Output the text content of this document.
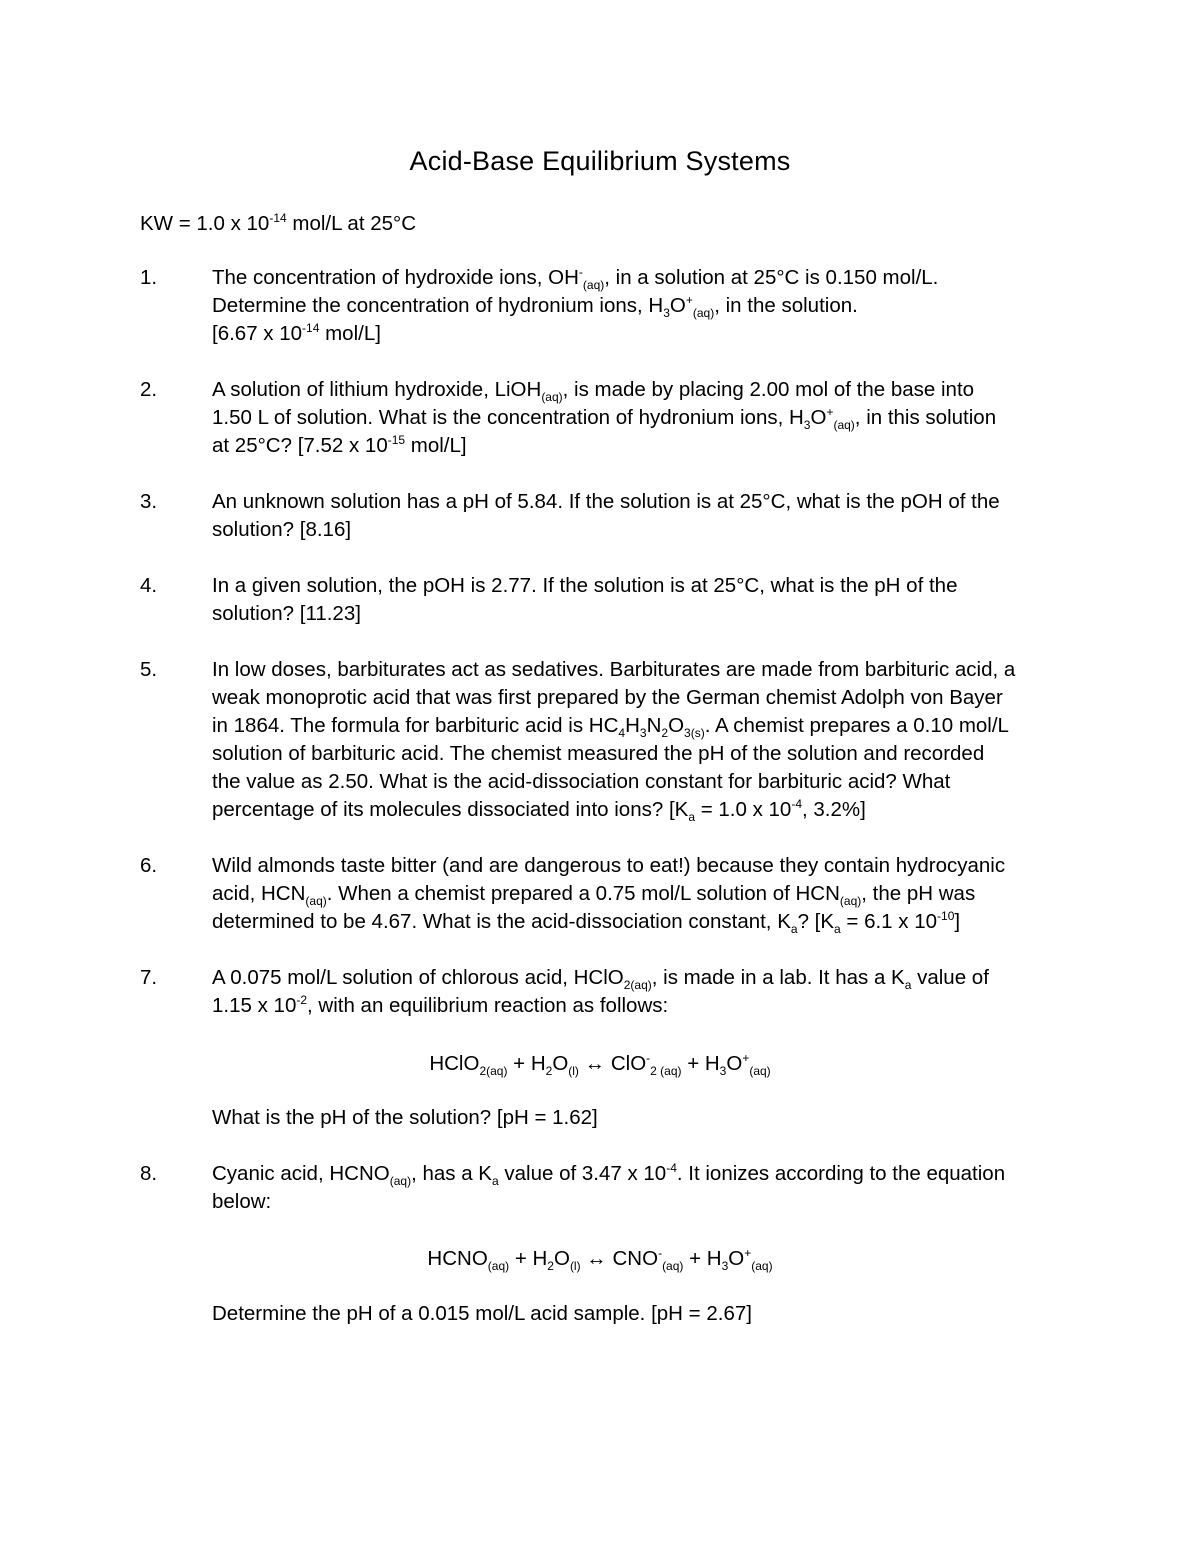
Acid-Base Equilibrium Systems
KW = 1.0 x $10^{-14}$ mol/L at 25°C
1.	The concentration of hydroxide ions, $OH^-_{(aq)}$, in a solution at 25°C is 0.150 mol/L.
Determine the concentration of hydronium ions, $H_3O^+_{(aq)}$, in the solution.
[6.67 x $10^{-14}$ mol/L]
2.	A solution of lithium hydroxide, LiOH$_{(aq)}$, is made by placing 2.00 mol of the base into
1.50 L of solution. What is the concentration of hydronium ions, $H_3O^+_{(aq)}$, in this solution
at 25°C? [7.52 x $10^{-15}$ mol/L]
3.	An unknown solution has a pH of 5.84. If the solution is at 25°C, what is the pOH of the
solution? [8.16]
4.	In a given solution, the pOH is 2.77. If the solution is at 25°C, what is the pH of the
solution? [11.23]
5.	In low doses, barbiturates act as sedatives. Barbiturates are made from barbituric acid, a
weak monoprotic acid that was first prepared by the German chemist Adolph von Bayer
in 1864. The formula for barbituric acid is $HC_4H_3N_2O_{3(s)}$. A chemist prepares a 0.10 mol/L
solution of barbituric acid. The chemist measured the pH of the solution and recorded
the value as 2.50. What is the acid-dissociation constant for barbituric acid? What
percentage of its molecules dissociated into ions? [$K_a = 1.0$ x $10^{-4}$, 3.2%]
6.	Wild almonds taste bitter (and are dangerous to eat!) because they contain hydrocyanic
acid, $HCN_{(aq)}$. When a chemist prepared a 0.75 mol/L solution of $HCN_{(aq)}$, the pH was
determined to be 4.67. What is the acid-dissociation constant, $K_a$? [$K_a = 6.1$ x $10^{-10}$]
7.	A 0.075 mol/L solution of chlorous acid, HClO$_{2(aq)}$, is made in a lab. It has a $K_a$ value of
1.15 x $10^{-2}$, with an equilibrium reaction as follows:
HClO$_{2(aq)}$ + $H_2O_{(l)}$ ↔ $ClO^-_{2 (aq)} + H_3O^+_{(aq)}$
What is the pH of the solution? [pH = 1.62]
8.	Cyanic acid, $HCNO_{(aq)}$, has a $K_a$ value of 3.47 x $10^{-4}$. It ionizes according to the equation
below:
$HCNO_{(aq)} + H_2O_{(l)}$ ↔ $CNO^-_{(aq)} + H_3O^+_{(aq)}$
Determine the pH of a 0.015 mol/L acid sample. [pH = 2.67]
